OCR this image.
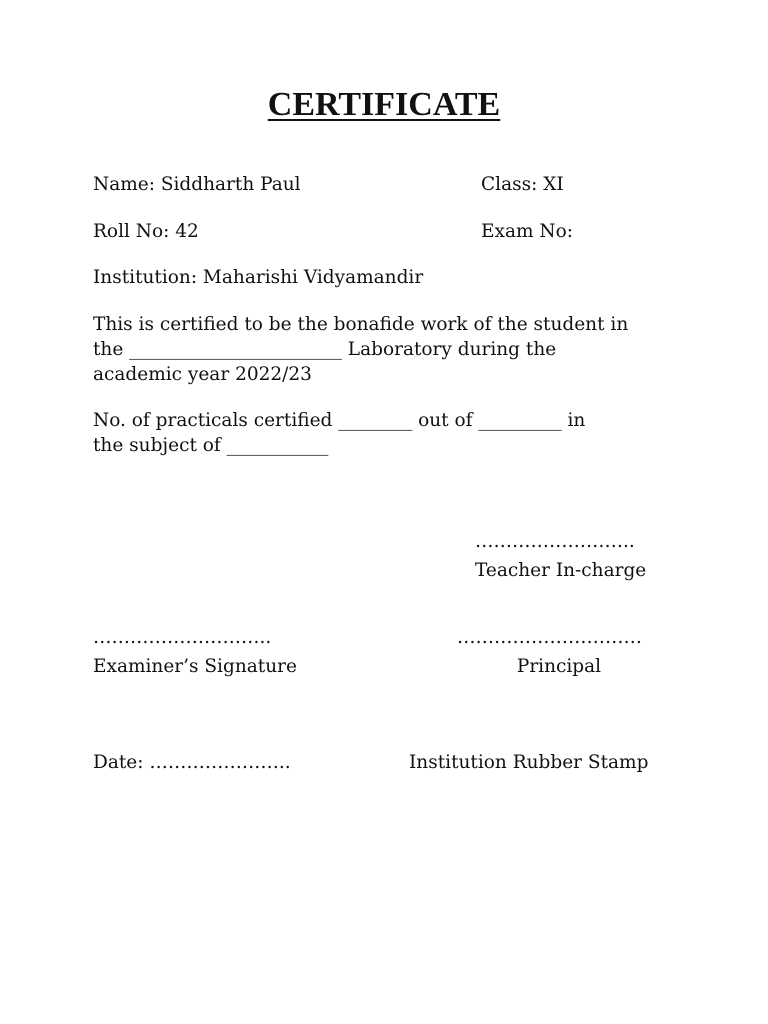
CERTIFICATE
Name: Siddharth Paul	Class: XI
Roll No: 42	Exam No:
Institution: Maharishi Vidyamandir
This is certified to be the bonafide work of the student in
the _______________________ Laboratory during the
academic year 2022/23
No. of practicals certified ________ out of _________ in
the subject of ___________
……………………..
Teacher In-charge
………………………..
Examiner’s Signature
…………………………
Principal
Date: …………………..	Institution Rubber Stamp
